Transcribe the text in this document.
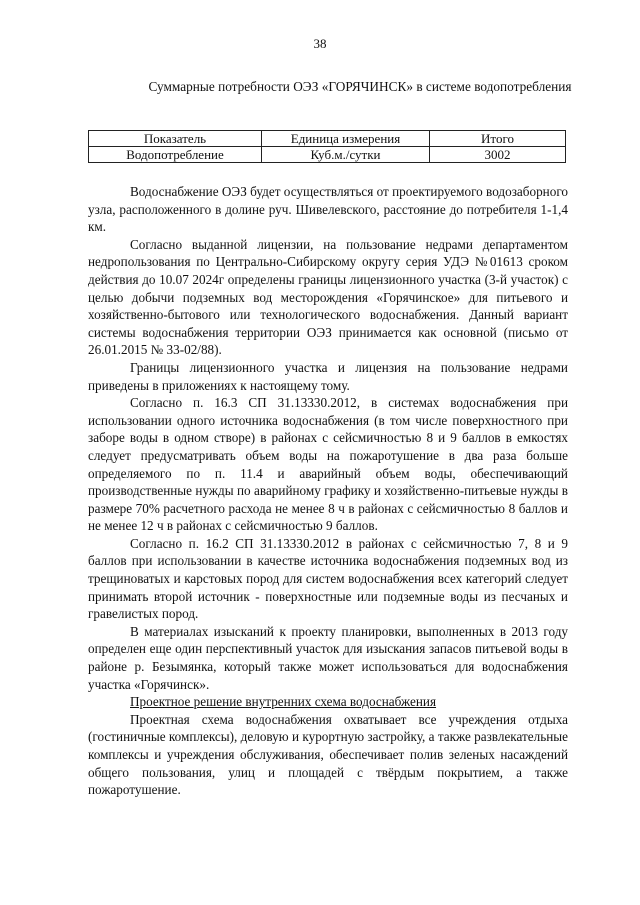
38
Суммарные потребности ОЭЗ «ГОРЯЧИНСК» в системе водопотребления
Показатель	Единица измерения	Итого
Водопотребление	Куб.м./сутки	3002

Водоснабжение ОЭЗ будет осуществляться от проектируемого водозаборного узла, расположенного в долине руч. Шивелевского, расстояние до потребителя 1-1,4 км.

Согласно выданной лицензии, на пользование недрами департаментом недропользования по Центрально-Сибирскому округу серия УДЭ №01613 сроком действия до 10.07 2024г определены границы лицензионного участка (3-й участок) с целью добычи подземных вод месторождения «Горячинское» для питьевого и хозяйственно-бытового или технологического водоснабжения. Данный вариант системы водоснабжения территории ОЭЗ принимается как основной (письмо от 26.01.2015 № 33-02/88).

Границы лицензионного участка и лицензия на пользование недрами приведены в приложениях к настоящему тому.

Согласно п. 16.3 СП 31.13330.2012, в системах водоснабжения при использовании одного источника водоснабжения (в том числе поверхностного при заборе воды в одном створе) в районах с сейсмичностью 8 и 9 баллов в емкостях следует предусматривать объем воды на пожаротушение в два раза больше определяемого по п. 11.4 и аварийный объем воды, обеспечивающий производственные нужды по аварийному графику и хозяйственно-питьевые нужды в размере 70% расчетного расхода не менее 8 ч в районах с сейсмичностью 8 баллов и не менее 12 ч в районах с сейсмичностью 9 баллов.

Согласно п. 16.2 СП 31.13330.2012 в районах с сейсмичностью 7, 8 и 9 баллов при использовании в качестве источника водоснабжения подземных вод из трещиноватых и карстовых пород для систем водоснабжения всех категорий следует принимать второй источник - поверхностные или подземные воды из песчаных и гравелистых пород.

В материалах изысканий к проекту планировки, выполненных в 2013 году определен еще один перспективный участок для изыскания запасов питьевой воды в районе р. Безымянка, который также может использоваться для водоснабжения участка «Горячинск».

Проектное решение внутренних схема водоснабжения

Проектная схема водоснабжения охватывает все учреждения отдыха (гостиничные комплексы), деловую и курортную застройку, а также развлекательные комплексы и учреждения обслуживания, обеспечивает полив зеленых насаждений общего пользования, улиц и площадей с твёрдым покрытием, а также пожаротушение.
